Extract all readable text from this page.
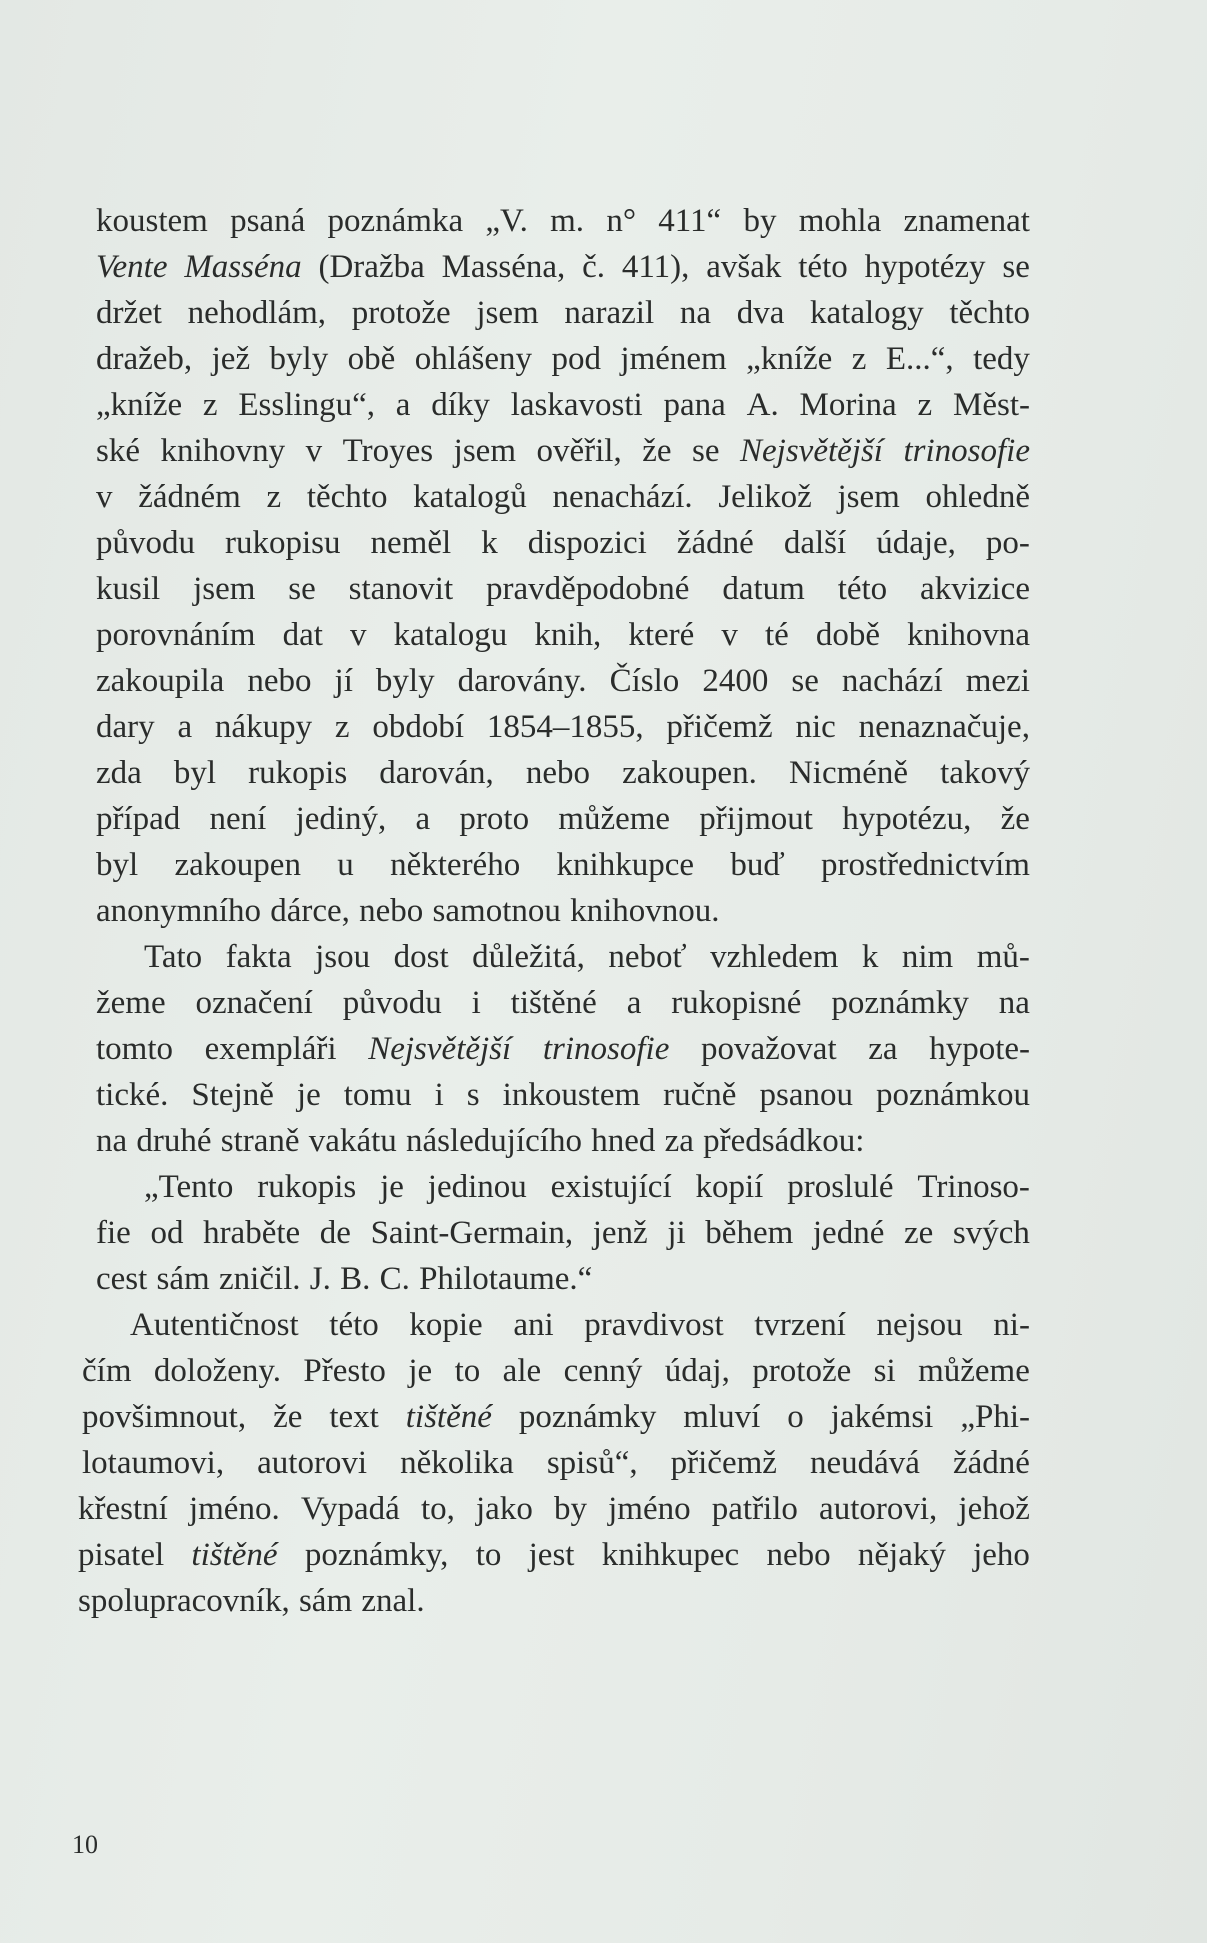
koustem psaná poznámka „V. m. n° 411“ by mohla znamenat
Vente Masséna (Dražba Masséna, č. 411), avšak této hypotézy se
držet nehodlám, protože jsem narazil na dva katalogy těchto
dražeb, jež byly obě ohlášeny pod jménem „kníže z E...“, tedy
„kníže z Esslingu“, a díky laskavosti pana A. Morina z Měst-
ské knihovny v Troyes jsem ověřil, že se Nejsvětější trinosofie
v žádném z těchto katalogů nenachází. Jelikož jsem ohledně
původu rukopisu neměl k dispozici žádné další údaje, po-
kusil jsem se stanovit pravděpodobné datum této akvizice
porovnáním dat v katalogu knih, které v té době knihovna
zakoupila nebo jí byly darovány. Číslo 2400 se nachází mezi
dary a nákupy z období 1854–1855, přičemž nic nenaznačuje,
zda byl rukopis darován, nebo zakoupen. Nicméně takový
případ není jediný, a proto můžeme přijmout hypotézu, že
byl zakoupen u některého knihkupce buď prostřednictvím
anonymního dárce, nebo samotnou knihovnou.
Tato fakta jsou dost důležitá, neboť vzhledem k nim mů-
žeme označení původu i tištěné a rukopisné poznámky na
tomto exempláři Nejsvětější trinosofie považovat za hypote-
tické. Stejně je tomu i s inkoustem ručně psanou poznámkou
na druhé straně vakátu následujícího hned za předsádkou:
„Tento rukopis je jedinou existující kopií proslulé Trinoso-
fie od hraběte de Saint-Germain, jenž ji během jedné ze svých
cest sám zničil. J. B. C. Philotaume.“
Autentičnost této kopie ani pravdivost tvrzení nejsou ni-
čím doloženy. Přesto je to ale cenný údaj, protože si můžeme
povšimnout, že text tištěné poznámky mluví o jakémsi „Phi-
lotaumovi, autorovi několika spisů“, přičemž neudává žádné
křestní jméno. Vypadá to, jako by jméno patřilo autorovi, jehož
pisatel tištěné poznámky, to jest knihkupec nebo nějaký jeho
spolupracovník, sám znal.
10
